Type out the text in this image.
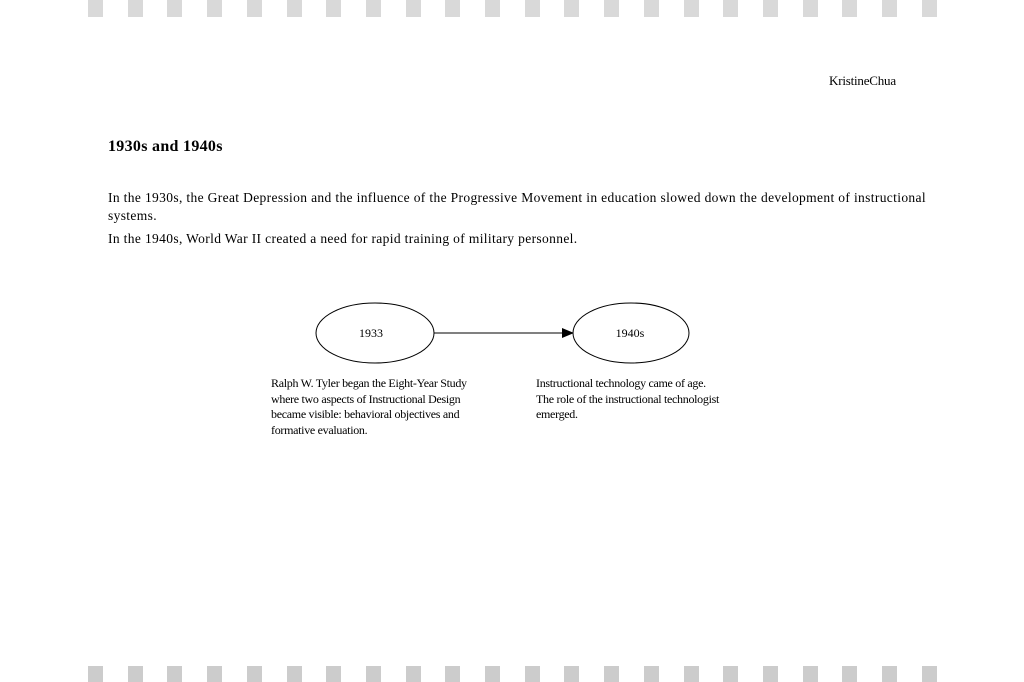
KristineChua
1930s and 1940s

In the 1930s, the Great Depression and the influence of the Progressive Movement in education slowed down the development of instructional systems.

In the 1940s, World War II created a need for rapid training of military personnel.

1933	1940s
Ralph W. Tyler began the Eight-Year Study
where two aspects of Instructional Design
became visible: behavioral objectives and
formative evaluation.
Instructional technology came of age.
The role of the instructional technologist
emerged.
